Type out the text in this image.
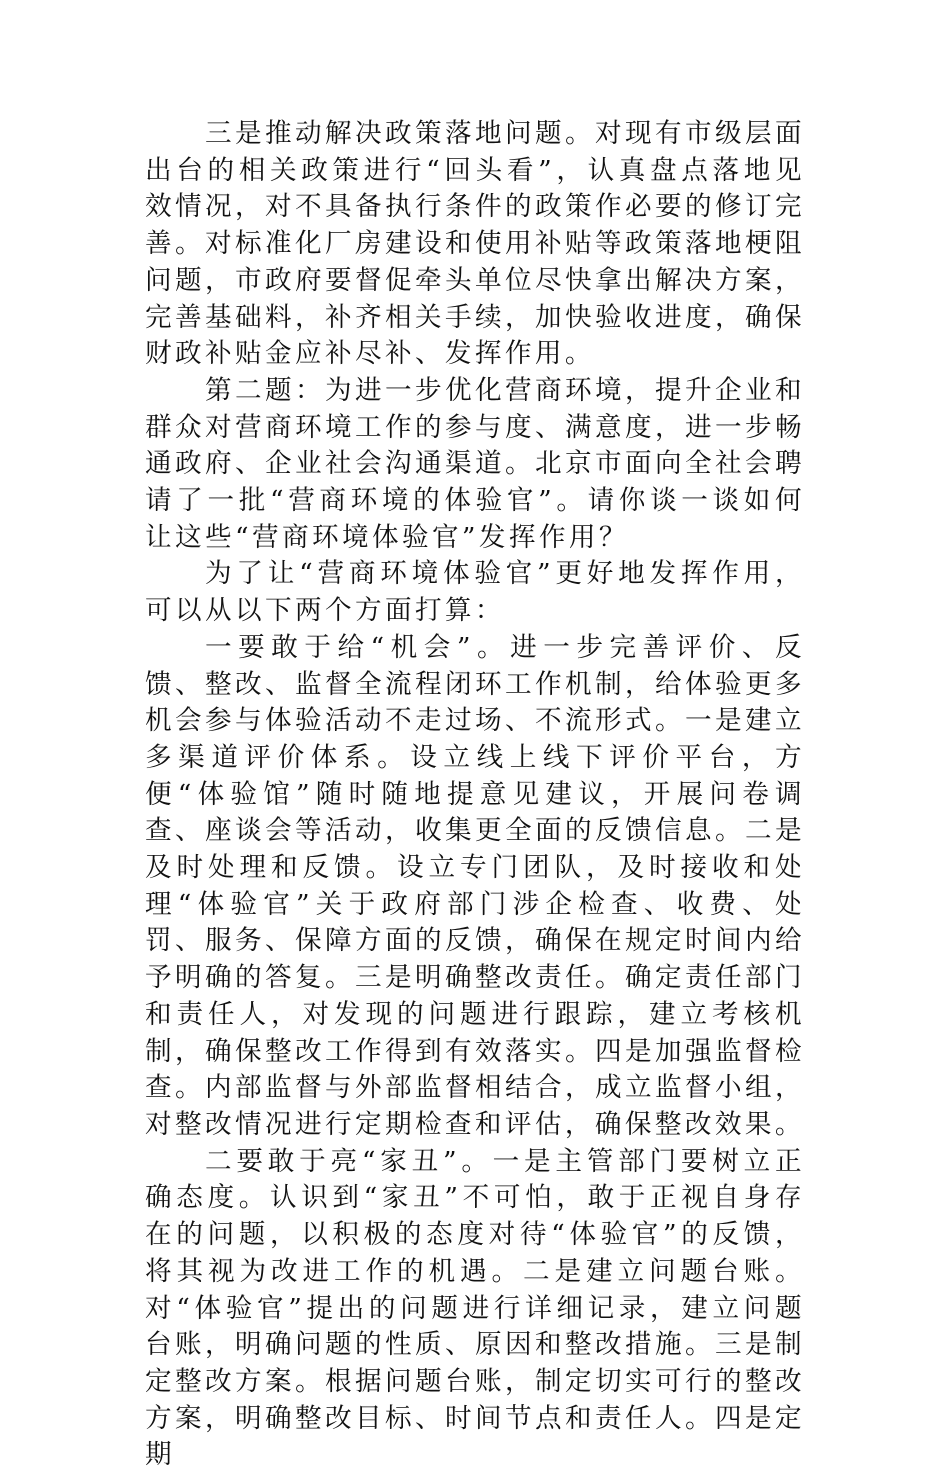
三是推动解决政策落地问题。对现有市级层面出台的相关政策进行“回头看”，认真盘点落地见效情况，对不具备执行条件的政策作必要的修订完善。对标准化厂房建设和使用补贴等政策落地梗阻问题，市政府要督促牵头单位尽快拿出解决方案，完善基础料，补齐相关手续，加快验收进度，确保财政补贴金应补尽补、发挥作用。

第二题：为进一步优化营商环境，提升企业和群众对营商环境工作的参与度、满意度，进一步畅通政府、企业社会沟通渠道。北京市面向全社会聘请了一批“营商环境的体验官”。请你谈一谈如何让这些“营商环境体验官”发挥作用？

为了让“营商环境体验官”更好地发挥作用，可以从以下两个方面打算：

一要敢于给“机会”。进一步完善评价、反馈、整改、监督全流程闭环工作机制，给体验更多机会参与体验活动不走过场、不流形式。一是建立多渠道评价体系。设立线上线下评价平台，方便“体验馆”随时随地提意见建议，开展问卷调查、座谈会等活动，收集更全面的反馈信息。二是及时处理和反馈。设立专门团队，及时接收和处理“体验官”关于政府部门涉企检查、收费、处罚、服务、保障方面的反馈，确保在规定时间内给予明确的答复。三是明确整改责任。确定责任部门和责任人，对发现的问题进行跟踪，建立考核机制，确保整改工作得到有效落实。四是加强监督检查。内部监督与外部监督相结合，成立监督小组，对整改情况进行定期检查和评估，确保整改效果。

二要敢于亮“家丑”。一是主管部门要树立正确态度。认识到“家丑”不可怕，敢于正视自身存在的问题，以积极的态度对待“体验官”的反馈，将其视为改进工作的机遇。二是建立问题台账。对“体验官”提出的问题进行详细记录，建立问题台账，明确问题的性质、原因和整改措施。三是制定整改方案。根据问题台账，制定切实可行的整改方案，明确整改目标、时间节点和责任人。四是定期
